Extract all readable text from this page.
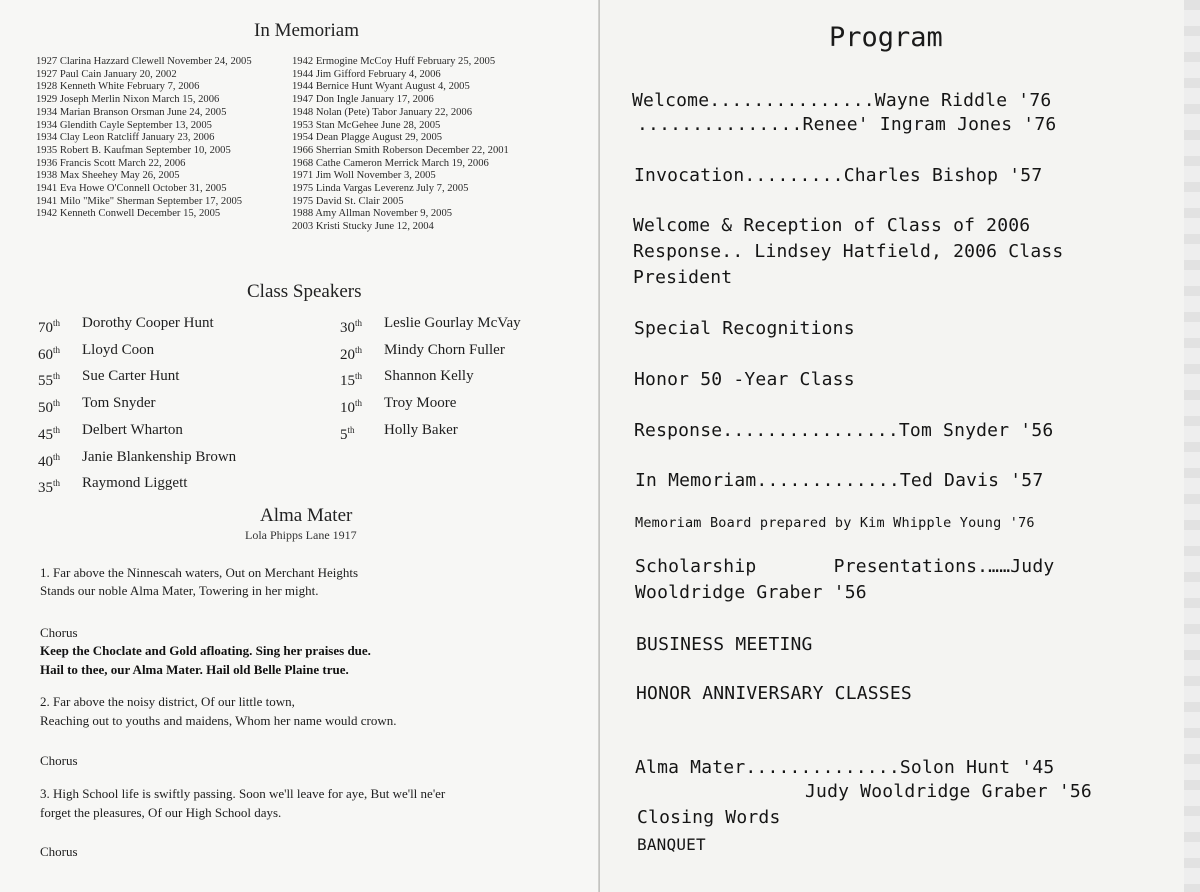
In Memoriam
1927 Clarina Hazzard Clewell November 24, 2005
1927 Paul Cain January 20, 2002
1928 Kenneth White February 7, 2006
1929 Joseph Merlin Nixon March 15, 2006
1934 Marian Branson Orsman June 24, 2005
1934 Glendith Cayle September 13, 2005
1934 Clay Leon Ratcliff January 23, 2006
1935 Robert B. Kaufman September 10, 2005
1936 Francis Scott March 22, 2006
1938 Max Sheehey May 26, 2005
1941 Eva Howe O'Connell October 31, 2005
1941 Milo "Mike" Sherman September 17, 2005
1942 Kenneth Conwell December 15, 2005
1942 Ermogine McCoy Huff February 25, 2005
1944 Jim Gifford February 4, 2006
1944 Bernice Hunt Wyant August 4, 2005
1947 Don Ingle January 17, 2006
1948 Nolan (Pete) Tabor January 22, 2006
1953 Stan McGehee June 28, 2005
1954 Dean Plagge August 29, 2005
1966 Sherrian Smith Roberson December 22, 2001
1968 Cathe Cameron Merrick March 19, 2006
1971 Jim Woll November 3, 2005
1975 Linda Vargas Leverenz July 7, 2005
1975 David St. Clair 2005
1988 Amy Allman November 9, 2005
2003 Kristi Stucky June 12, 2004
Class Speakers
70th	Dorothy Cooper Hunt
60th	Lloyd Coon
55th	Sue Carter Hunt
50th	Tom Snyder
45th	Delbert Wharton
40th	Janie Blankenship Brown
35th	Raymond Liggett
30th	Leslie Gourlay McVay
20th	Mindy Chorn Fuller
15th	Shannon Kelly
10th	Troy Moore
5th	Holly Baker
Alma Mater
Lola Phipps Lane 1917

1. Far above the Ninnescah waters, Out on Merchant Heights

Stands our noble Alma Mater, Towering in her might.

Chorus

Keep the Choclate and Gold afloating. Sing her praises due.

Hail to thee, our Alma Mater. Hail old Belle Plaine true.

2. Far above the noisy district, Of our little town,

Reaching out to youths and maidens, Whom her name would crown.

Chorus

3. High School life is swiftly passing. Soon we'll leave for aye, But we'll ne'er

forget the pleasures, Of our High School days.

Chorus

Program

Welcome...............Wayne Riddle '76

...............Renee' Ingram Jones '76

Invocation.........Charles Bishop '57

Welcome & Reception of Class of 2006

Response.. Lindsey Hatfield, 2006 Class

President

Special Recognitions

Honor 50 -Year Class

Response................Tom Snyder '56

In Memoriam.............Ted Davis '57

Memoriam Board prepared by Kim Whipple Young '76

Scholarship       Presentations.……Judy

Wooldridge Graber '56

BUSINESS MEETING

HONOR ANNIVERSARY CLASSES

Alma Mater..............Solon Hunt '45

Judy Wooldridge Graber '56

Closing Words

BANQUET
